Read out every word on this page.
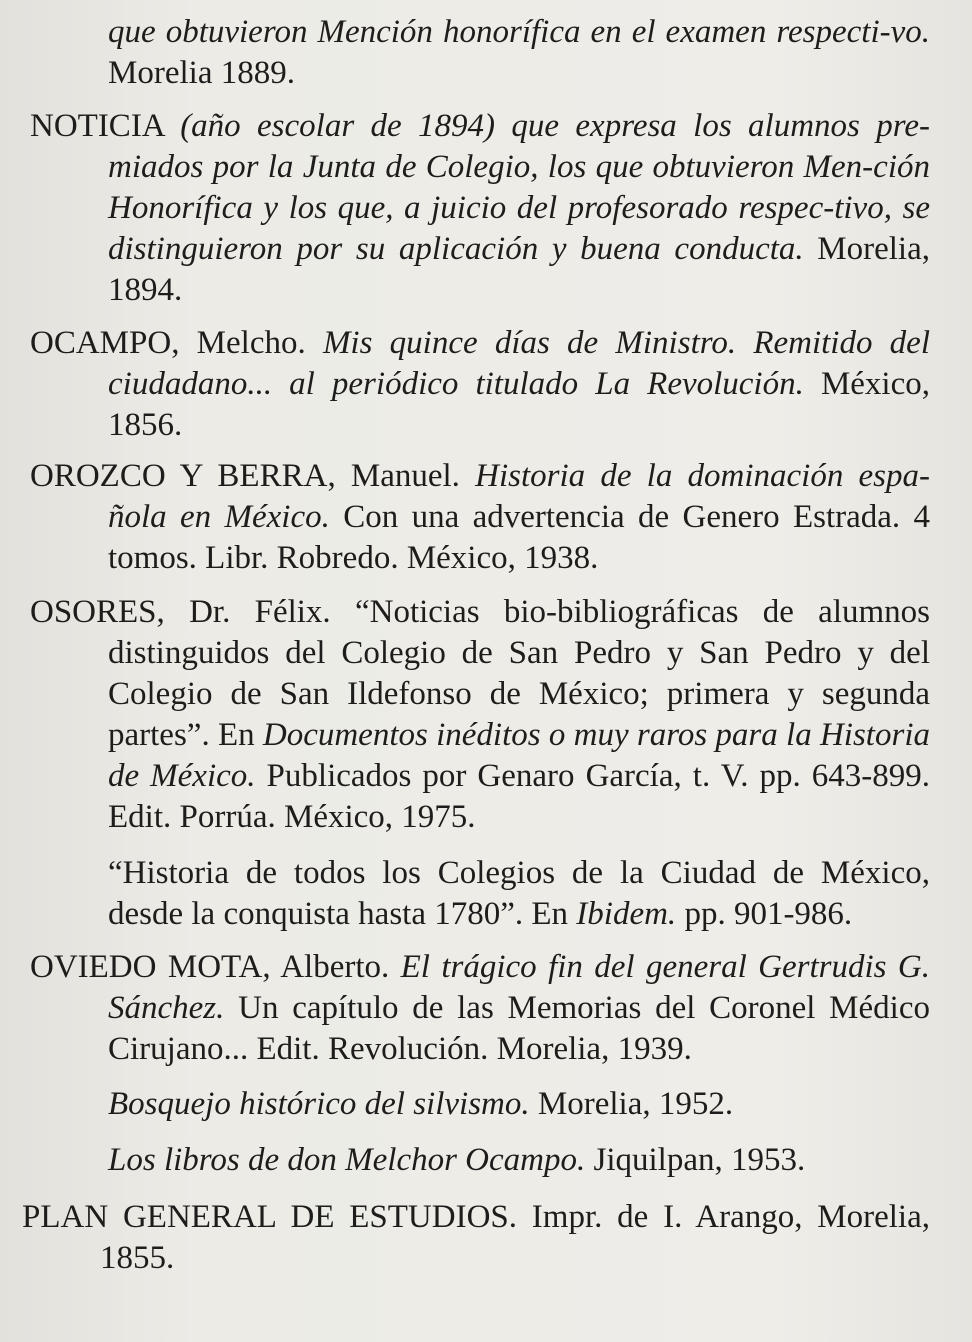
que obtuvieron Mención honorífica en el examen respecti-vo. Morelia 1889.
NOTICIA (año escolar de 1894) que expresa los alumnos pre-miados por la Junta de Colegio, los que obtuvieron Men-ción Honorífica y los que, a juicio del profesorado respec-tivo, se distinguieron por su aplicación y buena conducta. Morelia, 1894.
OCAMPO, Melcho. Mis quince días de Ministro. Remitido del ciudadano... al periódico titulado La Revolución. México, 1856.
OROZCO Y BERRA, Manuel. Historia de la dominación espa-ñola en México. Con una advertencia de Genero Estrada. 4 tomos. Libr. Robredo. México, 1938.
OSORES, Dr. Félix. “Noticias bio-bibliográficas de alumnos distinguidos del Colegio de San Pedro y San Pedro y del Colegio de San Ildefonso de México; primera y segunda partes”. En Documentos inéditos o muy raros para la Historia de México. Publicados por Genaro García, t. V. pp. 643-899. Edit. Porrúa. México, 1975.
“Historia de todos los Colegios de la Ciudad de México, desde la conquista hasta 1780”. En Ibidem. pp. 901-986.
OVIEDO MOTA, Alberto. El trágico fin del general Gertrudis G. Sánchez. Un capítulo de las Memorias del Coronel Médico Cirujano... Edit. Revolución. Morelia, 1939.
Bosquejo histórico del silvismo. Morelia, 1952.
Los libros de don Melchor Ocampo. Jiquilpan, 1953.
PLAN GENERAL DE ESTUDIOS. Impr. de I. Arango, Morelia, 1855.
